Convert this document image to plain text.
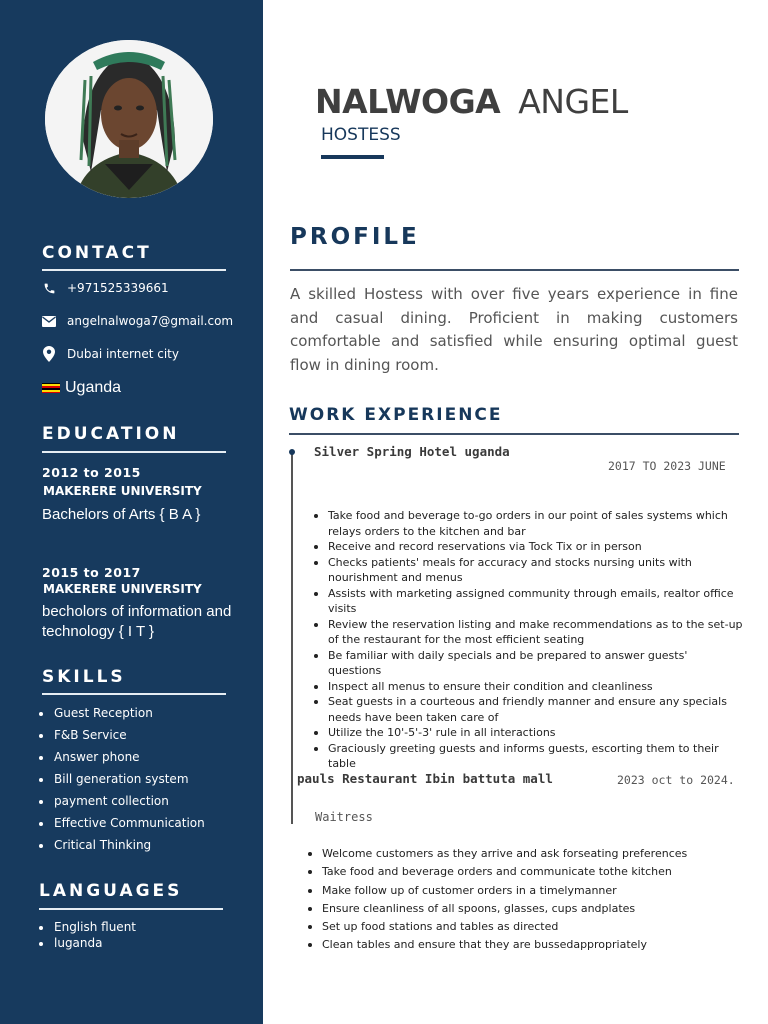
CONTACT
+971525339661
angelnalwoga7@gmail.com
Dubai internet city
Uganda
EDUCATION
2012 to 2015
MAKERERE UNIVERSITY
Bachelors of Arts { B A }
2015 to 2017
MAKERERE UNIVERSITY
becholors of information and technology { I T }
SKILLS
Guest Reception
F&B Service
Answer phone
Bill generation system
payment collection
Effective Communication
Critical Thinking
LANGUAGES
English fluent
luganda
NALWOGA ANGEL
HOSTESS
PROFILE
A skilled Hostess with over five years experience in fine and casual dining. Proficient in making customers comfortable and satisfied while ensuring optimal guest flow in dining room.
WORK EXPERIENCE
Silver Spring Hotel uganda
2017 TO 2023 JUNE
Take food and beverage to-go orders in our point of sales systems which relays orders to the kitchen and bar
Receive and record reservations via Tock Tix or in person
Checks patients' meals for accuracy and stocks nursing units with nourishment and menus
Assists with marketing assigned community through emails, realtor office visits
Review the reservation listing and make recommendations as to the set-up of the restaurant for the most efficient seating
Be familiar with daily specials and be prepared to answer guests' questions
Inspect all menus to ensure their condition and cleanliness
Seat guests in a courteous and friendly manner and ensure any specials needs have been taken care of
Utilize the 10'-5'-3' rule in all interactions
Graciously greeting guests and informs guests, escorting them to their table
pauls Restaurant Ibin battuta mall	2023 oct to 2024.
Waitress
Welcome customers as they arrive and ask forseating preferences
Take food and beverage orders and communicate tothe kitchen
Make follow up of customer orders in a timelymanner
Ensure cleanliness of all spoons, glasses, cups andplates
Set up food stations and tables as directed
Clean tables and ensure that they are bussedappropriately
